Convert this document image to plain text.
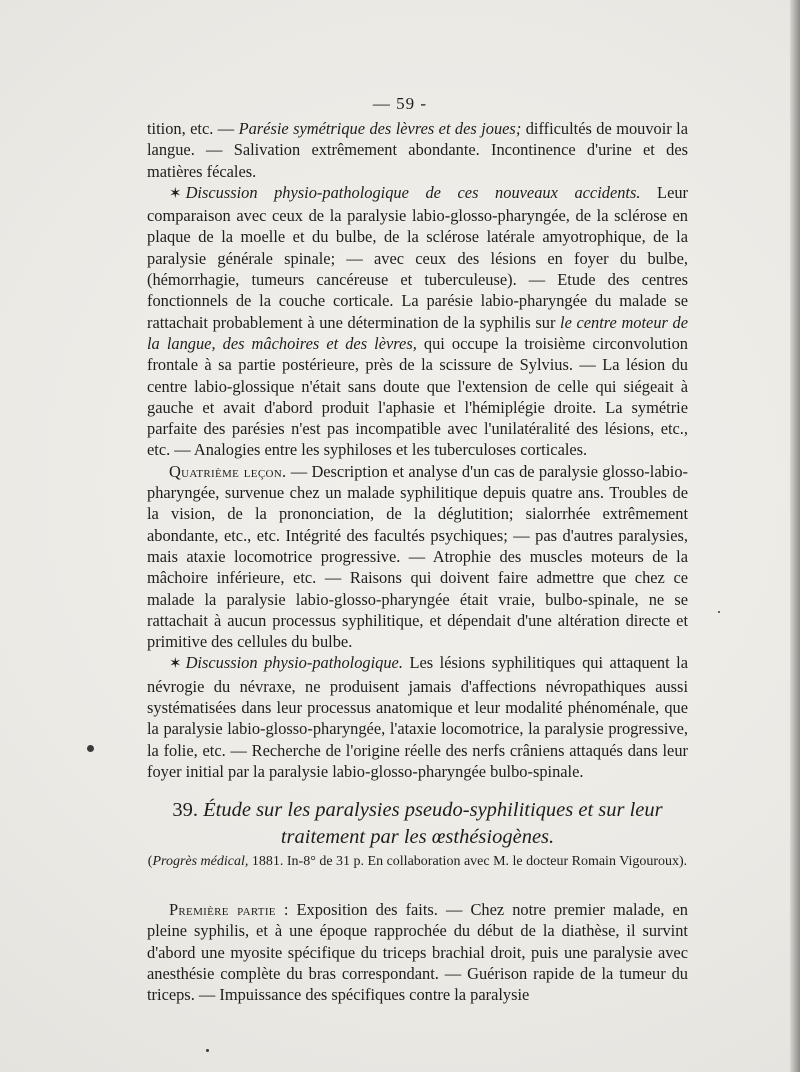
— 59 -

tition, etc. — Parésie symétrique des lèvres et des joues; difficultés de mouvoir la langue. — Salivation extrêmement abondante. Incontinence d'urine et des matières fécales.

✶ Discussion physio-pathologique de ces nouveaux accidents. Leur comparaison avec ceux de la paralysie labio-glosso-pharyngée, de la sclérose en plaque de la moelle et du bulbe, de la sclérose latérale amyotrophique, de la paralysie générale spinale; — avec ceux des lésions en foyer du bulbe, (hémorrhagie, tumeurs cancéreuse et tuberculeuse). — Etude des centres fonctionnels de la couche corticale. La parésie labio-pharyngée du malade se rattachait probablement à une détermination de la syphilis sur le centre moteur de la langue, des mâchoires et des lèvres, qui occupe la troisième circonvolution frontale à sa partie postérieure, près de la scissure de Sylvius. — La lésion du centre labio-glossique n'était sans doute que l'extension de celle qui siégeait à gauche et avait d'abord produit l'aphasie et l'hémiplégie droite. La symétrie parfaite des parésies n'est pas incompatible avec l'unilatéralité des lésions, etc., etc. — Analogies entre les syphiloses et les tuberculoses corticales.

Quatrième leçon. — Description et analyse d'un cas de paralysie glosso-labio-pharyngée, survenue chez un malade syphilitique depuis quatre ans. Troubles de la vision, de la prononciation, de la déglutition; sialorrhée extrêmement abondante, etc., etc. Intégrité des facultés psychiques; — pas d'autres paralysies, mais ataxie locomotrice progressive. — Atrophie des muscles moteurs de la mâchoire inférieure, etc. — Raisons qui doivent faire admettre que chez ce malade la paralysie labio-glosso-pharyngée était vraie, bulbo-spinale, ne se rattachait à aucun processus syphilitique, et dépendait d'une altération directe et primitive des cellules du bulbe.

✶ Discussion physio-pathologique. Les lésions syphilitiques qui attaquent la névrogie du névraxe, ne produisent jamais d'affections névropathiques aussi systématisées dans leur processus anatomique et leur modalité phénoménale, que la paralysie labio-glosso-pharyngée, l'ataxie locomotrice, la paralysie progressive, la folie, etc. — Recherche de l'origine réelle des nerfs crâniens attaqués dans leur foyer initial par la paralysie labio-glosso-pharyngée bulbo-spinale.

39. Étude sur les paralysies pseudo-syphilitiques et sur leur traitement par les œsthésiogènes.
(Progrès médical, 1881. In-8° de 31 p. En collaboration avec M. le docteur Romain Vigouroux).

Première partie : Exposition des faits. — Chez notre premier malade, en pleine syphilis, et à une époque rapprochée du début de la diathèse, il survint d'abord une myosite spécifique du triceps brachial droit, puis une paralysie avec anesthésie complète du bras correspondant. — Guérison rapide de la tumeur du triceps. — Impuissance des spécifiques contre la paralysie
